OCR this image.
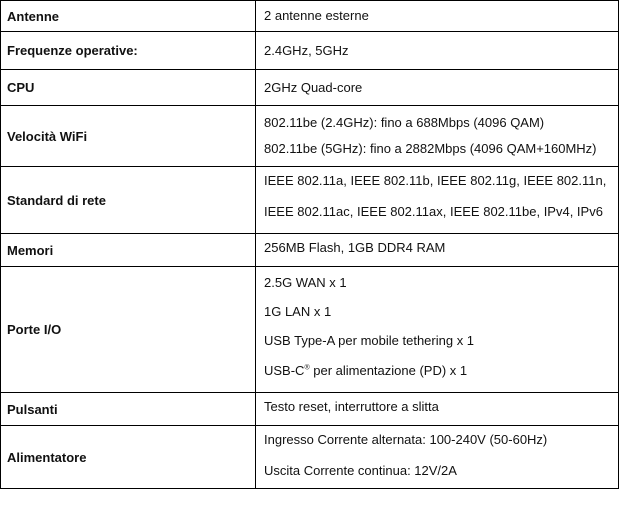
Antenne	2 antenne esterne

Frequenze operative:	2.4GHz, 5GHz

CPU	2GHz Quad-core

Velocità WiFi	802.11be (2.4GHz): fino a 688Mbps (4096 QAM)
802.11be (5GHz): fino a 2882Mbps (4096 QAM+160MHz)

Standard di rete	IEEE 802.11a, IEEE 802.11b, IEEE 802.11g, IEEE 802.11n,
IEEE 802.11ac, IEEE 802.11ax, IEEE 802.11be, IPv4, IPv6

Memori	256MB Flash, 1GB DDR4 RAM

Porte I/O	2.5G WAN x 1
1G LAN x 1
USB Type-A per mobile tethering x 1
USB-C® per alimentazione (PD) x 1

Pulsanti	Testo reset, interruttore a slitta

Alimentatore	Ingresso Corrente alternata: 100-240V (50-60Hz)
Uscita Corrente continua: 12V/2A
